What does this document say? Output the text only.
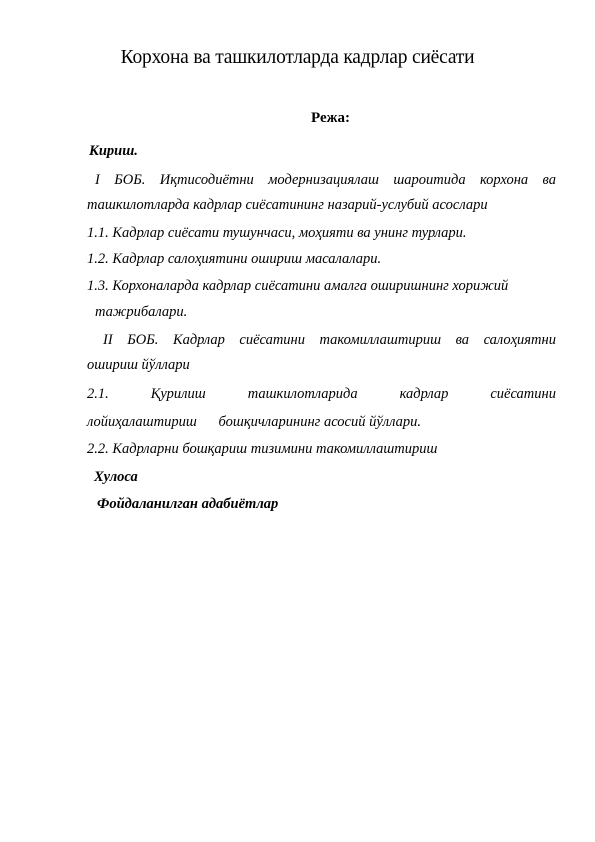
Корхона ва ташкилотларда кадрлар сиёсати
Режа:
Кириш.
I БОБ. Иқтисодиётни модернизациялаш шароитида корхона ва
ташкилотларда кадрлар сиёсатининг назарий-услубий асослари
1.1. Кадрлар сиёсати тушунчаси, моҳияти ва унинг турлари.
1.2. Кадрлар салоҳиятини ошириш масалалари.
1.3. Корхоналарда кадрлар сиёсатини амалга оширишнинг хорижий
тажрибалари.
II БОБ. Кадрлар сиёсатини такомиллаштириш ва салоҳиятни
ошириш йўллари
2.1.	Қурилиш	ташкилотларида	кадрлар	сиёсатини
лойиҳалаштириш      бошқичларининг асосий йўллари.
2.2. Кадрларни бошқариш тизимини такомиллаштириш
Хулоса
Фойдаланилган адабиётлар
